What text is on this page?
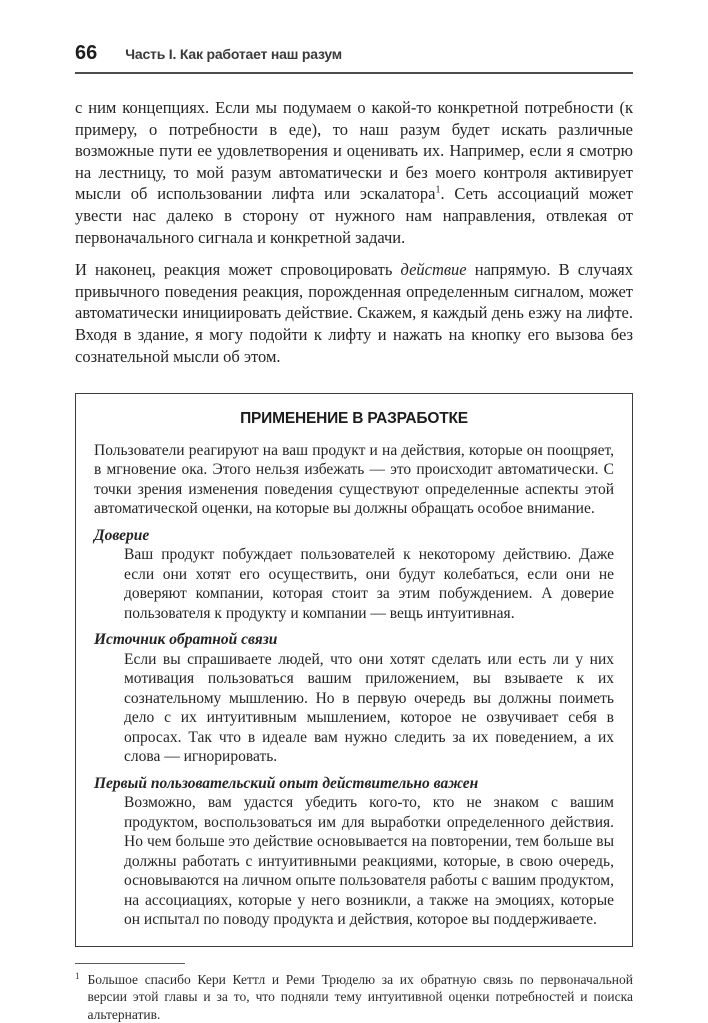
66 Часть I. Как работает наш разум

с ним концепциях. Если мы подумаем о какой-то конкретной потребности (к примеру, о потребности в еде), то наш разум будет искать различные возможные пути ее удовлетворения и оценивать их. Например, если я смотрю на лестницу, то мой разум автоматически и без моего контроля активирует мысли об использовании лифта или эскалатора$^1$. Сеть ассоциаций может увести нас далеко в сторону от нужного нам направления, отвлекая от первоначального сигнала и конкретной задачи.

И наконец, реакция может спровоцировать действие напрямую. В случаях привычного поведения реакция, порожденная определенным сигналом, может автоматически инициировать действие. Скажем, я каждый день езжу на лифте. Входя в здание, я могу подойти к лифту и нажать на кнопку его вызова без сознательной мысли об этом.

ПРИМЕНЕНИЕ В РАЗРАБОТКЕ

Пользователи реагируют на ваш продукт и на действия, которые он поощряет, в мгновение ока. Этого нельзя избежать — это происходит автоматически. С точки зрения изменения поведения существуют определенные аспекты этой автоматической оценки, на которые вы должны обращать особое внимание.

Доверие

Ваш продукт побуждает пользователей к некоторому действию. Даже если они хотят его осуществить, они будут колебаться, если они не доверяют компании, которая стоит за этим побуждением. А доверие пользователя к продукту и компании — вещь интуитивная.

Источник обратной связи

Если вы спрашиваете людей, что они хотят сделать или есть ли у них мотивация пользоваться вашим приложением, вы взываете к их сознательному мышлению. Но в первую очередь вы должны поиметь дело с их интуитивным мышлением, которое не озвучивает себя в опросах. Так что в идеале вам нужно следить за их поведением, а их слова — игнорировать.

Первый пользовательский опыт действительно важен

Возможно, вам удастся убедить кого-то, кто не знаком с вашим продуктом, воспользоваться им для выработки определенного действия. Но чем больше это действие основывается на повторении, тем больше вы должны работать с интуитивными реакциями, которые, в свою очередь, основываются на личном опыте пользователя работы с вашим продуктом, на ассоциациях, которые у него возникли, а также на эмоциях, которые он испытал по поводу продукта и действия, которое вы поддерживаете.

1 Большое спасибо Кери Кеттл и Реми Трюделю за их обратную связь по первоначальной версии этой главы и за то, что подняли тему интуитивной оценки потребностей и поиска альтернатив.
